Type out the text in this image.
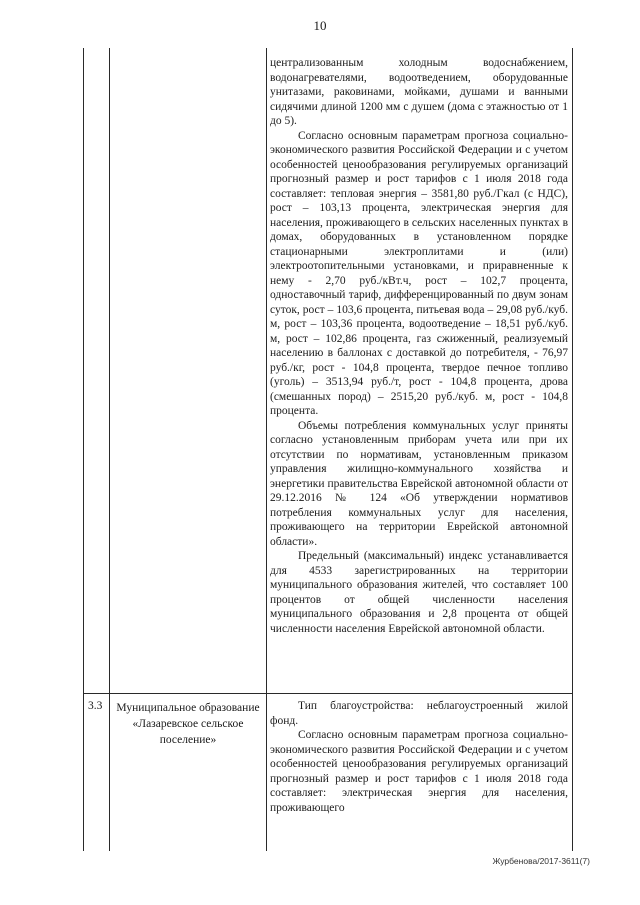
10

централизованным холодным водоснабжением, водонагревателями, водоотведением, оборудованные унитазами, раковинами, мойками, душами и ванными сидячими длиной 1200 мм с душем (дома с этажностью от 1 до 5).

Согласно основным параметрам прогноза социально-экономического развития Российской Федерации и с учетом особенностей ценообразования регулируемых организаций прогнозный размер и рост тарифов с 1 июля 2018 года составляет: тепловая энергия – 3581,80 руб./Гкал (с НДС), рост – 103,13 процента, электрическая энергия для населения, проживающего в сельских населенных пунктах в домах, оборудованных в установленном порядке стационарными электроплитами и (или) электроотопительными установками, и приравненные к нему - 2,70 руб./кВт.ч, рост – 102,7 процента, одноставочный тариф, дифференцированный по двум зонам суток, рост – 103,6 процента, питьевая вода – 29,08 руб./куб. м, рост – 103,36 процента, водоотведение – 18,51 руб./куб. м, рост – 102,86 процента, газ сжиженный, реализуемый населению в баллонах с доставкой до потребителя, - 76,97 руб./кг, рост - 104,8 процента, твердое печное топливо (уголь) – 3513,94 руб./т, рост - 104,8 процента, дрова (смешанных пород) – 2515,20 руб./куб. м, рост - 104,8 процента.

Объемы потребления коммунальных услуг приняты согласно установленным приборам учета или при их отсутствии по нормативам, установленным приказом управления жилищно-коммунального хозяйства и энергетики правительства Еврейской автономной области от 29.12.2016 № 124 «Об утверждении нормативов потребления коммунальных услуг для населения, проживающего на территории Еврейской автономной области».

Предельный (максимальный) индекс устанавливается для 4533 зарегистрированных на территории муниципального образования жителей, что составляет 100 процентов от общей численности населения муниципального образования и 2,8 процента от общей численности населения Еврейской автономной области.

3.3 Муниципальное образование «Лазаревское сельское поселение»

Тип благоустройства: неблагоустроенный жилой фонд.

Согласно основным параметрам прогноза социально-экономического развития Российской Федерации и с учетом особенностей ценообразования регулируемых организаций прогнозный размер и рост тарифов с 1 июля 2018 года составляет: электрическая энергия для населения, проживающего

Журбенова/2017-3611(7)
